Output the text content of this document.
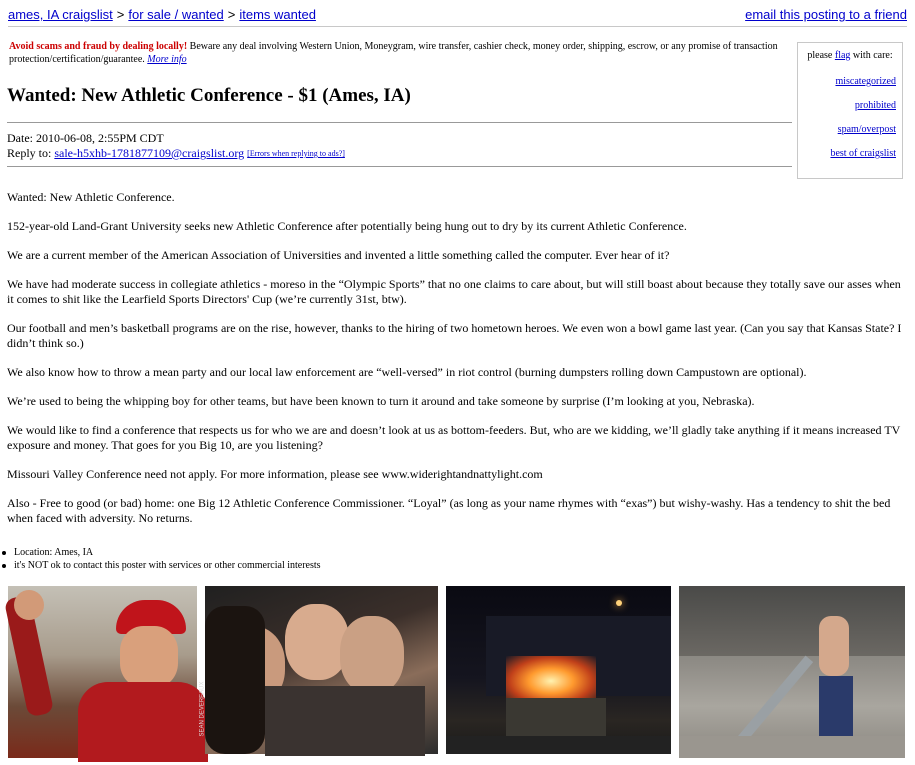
ames, IA craigslist > for sale / wanted > items wanted	email this posting to a friend
Avoid scams and fraud by dealing locally! Beware any deal involving Western Union, Moneygram, wire transfer, cashier check, money order, shipping, escrow, or any promise of transaction protection/certification/guarantee. More info	please flag with care:
miscategorized
prohibited
spam/overpost
best of craigslist
Wanted: New Athletic Conference - $1 (Ames, IA)
Date: 2010-06-08, 2:55PM CDT
Reply to: sale-h5xhb-1781877109@craigslist.org [Errors when replying to ads?]

Wanted: New Athletic Conference.

152-year-old Land-Grant University seeks new Athletic Conference after potentially being hung out to dry by its current Athletic Conference.

We are a current member of the American Association of Universities and invented a little something called the computer. Ever hear of it?

We have had moderate success in collegiate athletics - moreso in the “Olympic Sports” that no one claims to care about, but will still boast about because they totally save our asses when it comes to shit like the Learfield Sports Directors' Cup (we’re currently 31st, btw).

Our football and men’s basketball programs are on the rise, however, thanks to the hiring of two hometown heroes. We even won a bowl game last year. (Can you say that Kansas State? I didn’t think so.)

We also know how to throw a mean party and our local law enforcement are “well-versed” in riot control (burning dumpsters rolling down Campustown are optional).

We’re used to being the whipping boy for other teams, but have been known to turn it around and take someone by surprise (I’m looking at you, Nebraska).

We would like to find a conference that respects us for who we are and doesn’t look at us as bottom-feeders. But, who are we kidding, we’ll gladly take anything if it means increased TV exposure and money. That goes for you Big 10, are you listening?

Missouri Valley Conference need not apply. For more information, please see www.widerightandnattylight.com

Also - Free to good (or bad) home: one Big 12 Athletic Conference Commissioner. “Loyal” (as long as your name rhymes with “exas”) but wishy-washy. Has a tendency to shit the bed when faced with adversity. No returns.

Location: Ames, IA
it's NOT ok to contact this poster with services or other commercial interests
SEAN DEVEREAUX
